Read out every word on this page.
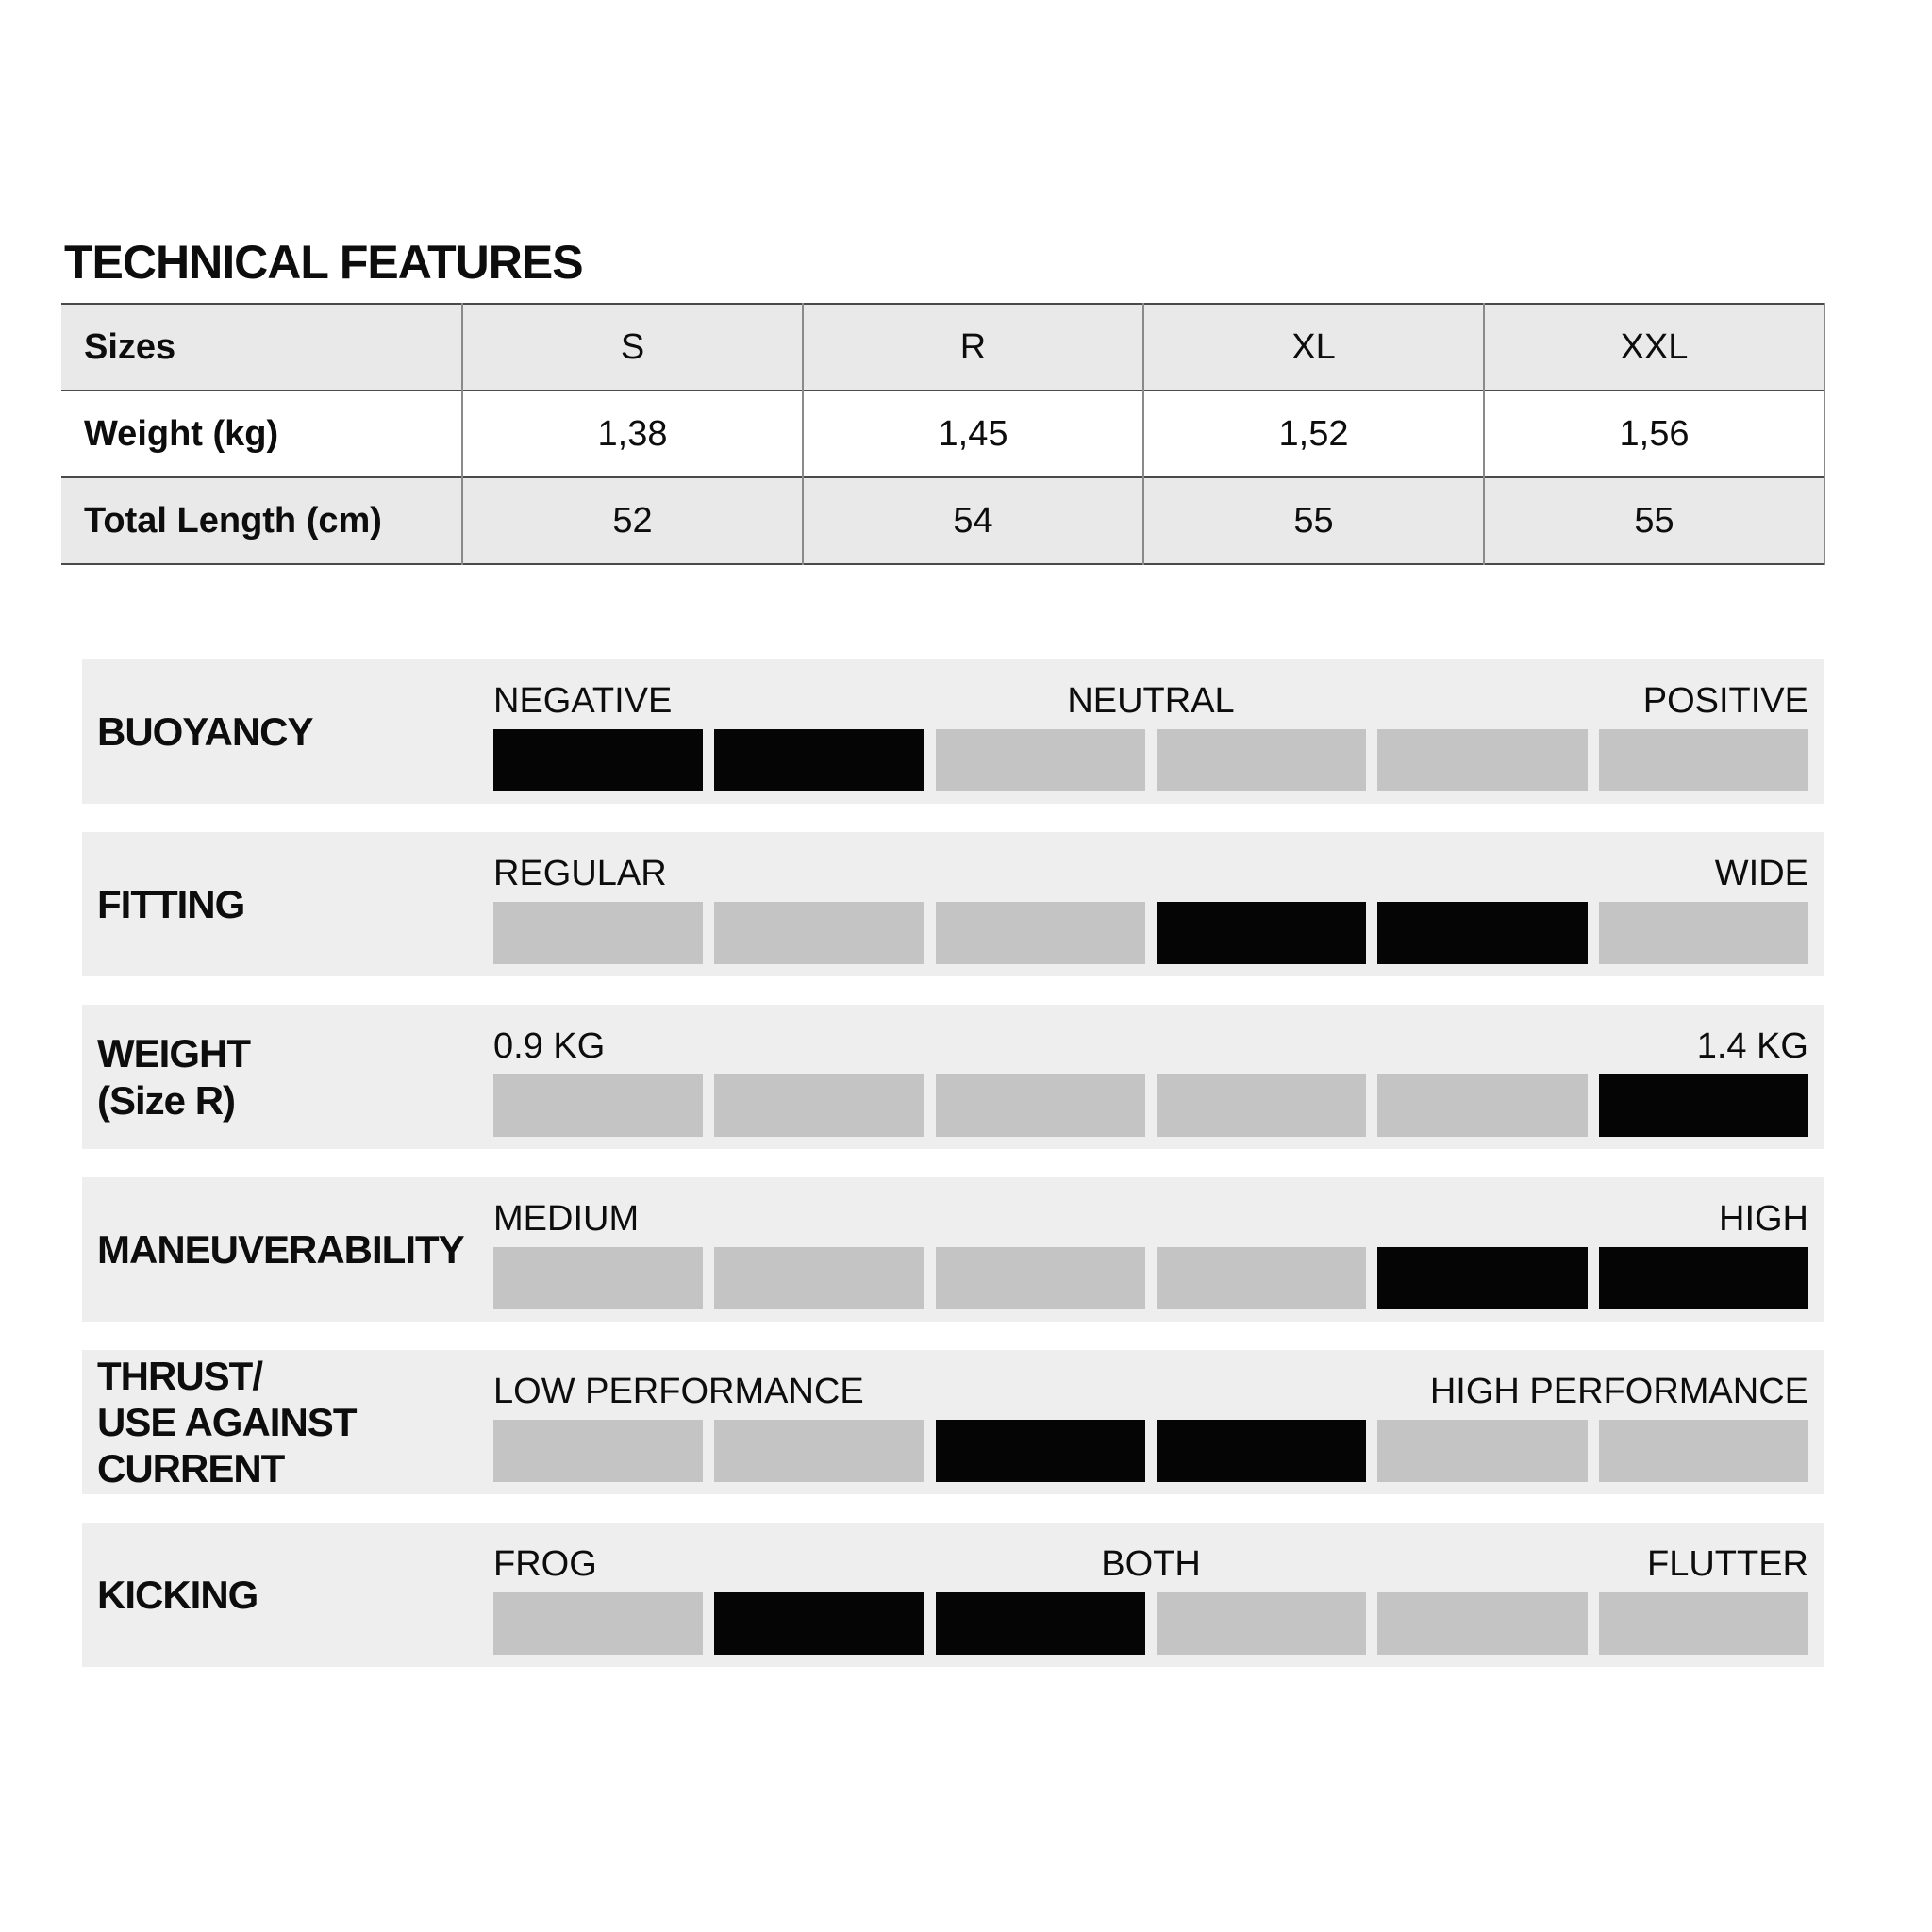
TECHNICAL FEATURES
Sizes	S	R	XL	XXL
Weight (kg)	1,38	1,45	1,52	1,56
Total Length (cm)	52	54	55	55
BUOYANCY
NEGATIVE	NEUTRAL	POSITIVE
FITTING
REGULAR	WIDE
WEIGHT
(Size R)
0.9 KG	1.4 KG
MANEUVERABILITY
MEDIUM	HIGH
THRUST/
USE AGAINST
CURRENT
LOW PERFORMANCE	HIGH PERFORMANCE
KICKING
FROG	BOTH	FLUTTER
